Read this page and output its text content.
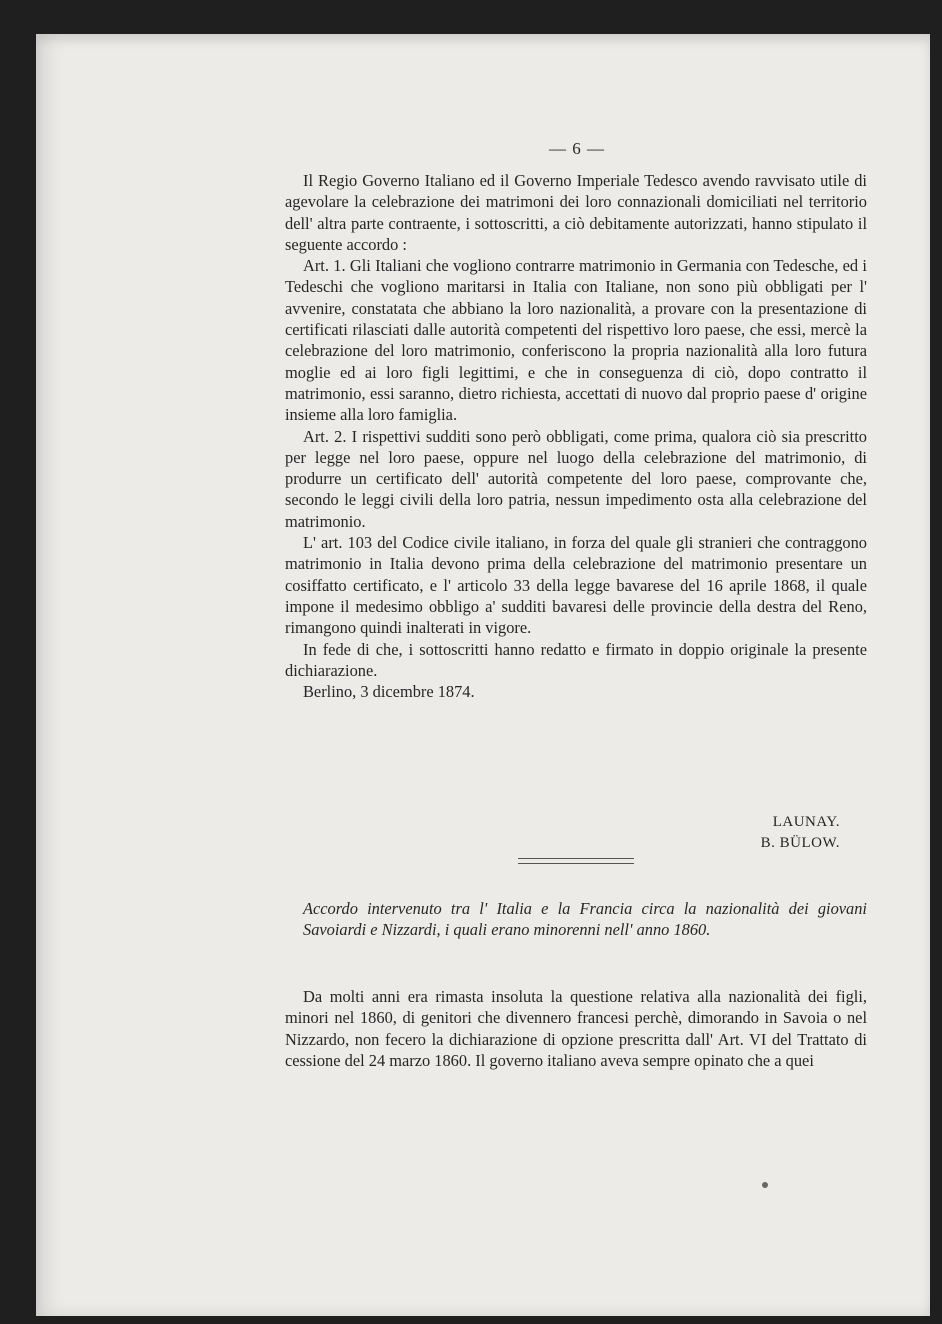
— 6 —

Il Regio Governo Italiano ed il Governo Imperiale Tedesco avendo ravvisato utile di agevolare la celebrazione dei matrimoni dei loro connazionali domiciliati nel territorio dell' altra parte contraente, i sottoscritti, a ciò debitamente autorizzati, hanno stipulato il seguente accordo :

Art. 1. Gli Italiani che vogliono contrarre matrimonio in Germania con Tedesche, ed i Tedeschi che vogliono maritarsi in Italia con Italiane, non sono più obbligati per l' avvenire, constatata che abbiano la loro nazionalità, a provare con la presentazione di certificati rilasciati dalle autorità competenti del rispettivo loro paese, che essi, mercè la celebrazione del loro matrimonio, conferiscono la propria nazionalità alla loro futura moglie ed ai loro figli legittimi, e che in conseguenza di ciò, dopo contratto il matrimonio, essi saranno, dietro richiesta, accettati di nuovo dal proprio paese d' origine insieme alla loro famiglia.

Art. 2. I rispettivi sudditi sono però obbligati, come prima, qualora ciò sia prescritto per legge nel loro paese, oppure nel luogo della celebrazione del matrimonio, di produrre un certificato dell' autorità competente del loro paese, comprovante che, secondo le leggi civili della loro patria, nessun impedimento osta alla celebrazione del matrimonio.

L' art. 103 del Codice civile italiano, in forza del quale gli stranieri che contraggono matrimonio in Italia devono prima della celebrazione del matrimonio presentare un cosiffatto certificato, e l' articolo 33 della legge bavarese del 16 aprile 1868, il quale impone il medesimo obbligo a' sudditi bavaresi delle provincie della destra del Reno, rimangono quindi inalterati in vigore.

In fede di che, i sottoscritti hanno redatto e firmato in doppio originale la presente dichiarazione.

Berlino, 3 dicembre 1874.

LAUNAY.
B. BÜLOW.
Accordo intervenuto tra l' Italia e la Francia circa la nazionalità dei giovani Savoiardi e Nizzardi, i quali erano minorenni nell' anno 1860.

Da molti anni era rimasta insoluta la questione relativa alla nazionalità dei figli, minori nel 1860, di genitori che divennero francesi perchè, dimorando in Savoia o nel Nizzardo, non fecero la dichiarazione di opzione prescritta dall' Art. VI del Trattato di cessione del 24 marzo 1860. Il governo italiano aveva sempre opinato che a quei
